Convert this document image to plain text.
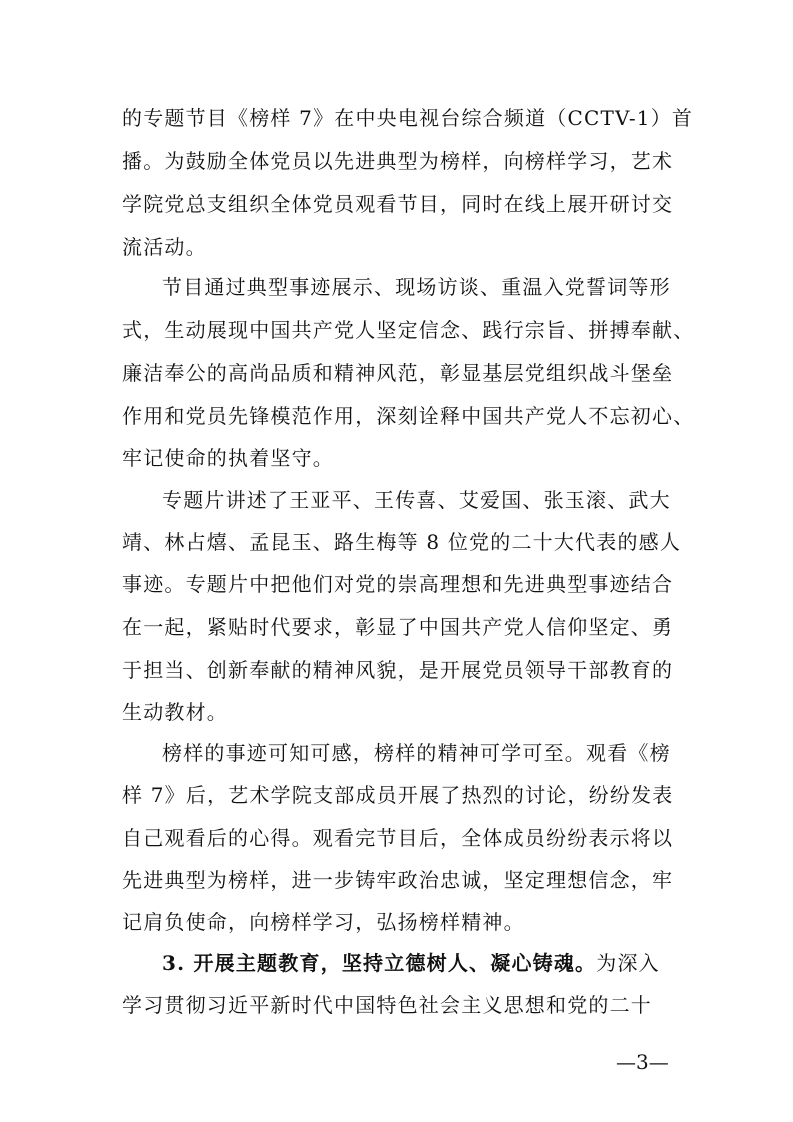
的专题节目《榜样 7》在中央电视台综合频道（CCTV-1）首
播。为鼓励全体党员以先进典型为榜样，向榜样学习，艺术
学院党总支组织全体党员观看节目，同时在线上展开研讨交
流活动。
节目通过典型事迹展示、现场访谈、重温入党誓词等形
式，生动展现中国共产党人坚定信念、践行宗旨、拼搏奉献、
廉洁奉公的高尚品质和精神风范，彰显基层党组织战斗堡垒
作用和党员先锋模范作用，深刻诠释中国共产党人不忘初心、
牢记使命的执着坚守。
专题片讲述了王亚平、王传喜、艾爱国、张玉滚、武大
靖、林占熺、孟昆玉、路生梅等 8 位党的二十大代表的感人
事迹。专题片中把他们对党的崇高理想和先进典型事迹结合
在一起，紧贴时代要求，彰显了中国共产党人信仰坚定、勇
于担当、创新奉献的精神风貌，是开展党员领导干部教育的
生动教材。
榜样的事迹可知可感，榜样的精神可学可至。观看《榜
样 7》后，艺术学院支部成员开展了热烈的讨论，纷纷发表
自己观看后的心得。观看完节目后，全体成员纷纷表示将以
先进典型为榜样，进一步铸牢政治忠诚，坚定理想信念，牢
记肩负使命，向榜样学习，弘扬榜样精神。
3. 开展主题教育，坚持立德树人、凝心铸魂。为深入
学习贯彻习近平新时代中国特色社会主义思想和党的二十
—3—
